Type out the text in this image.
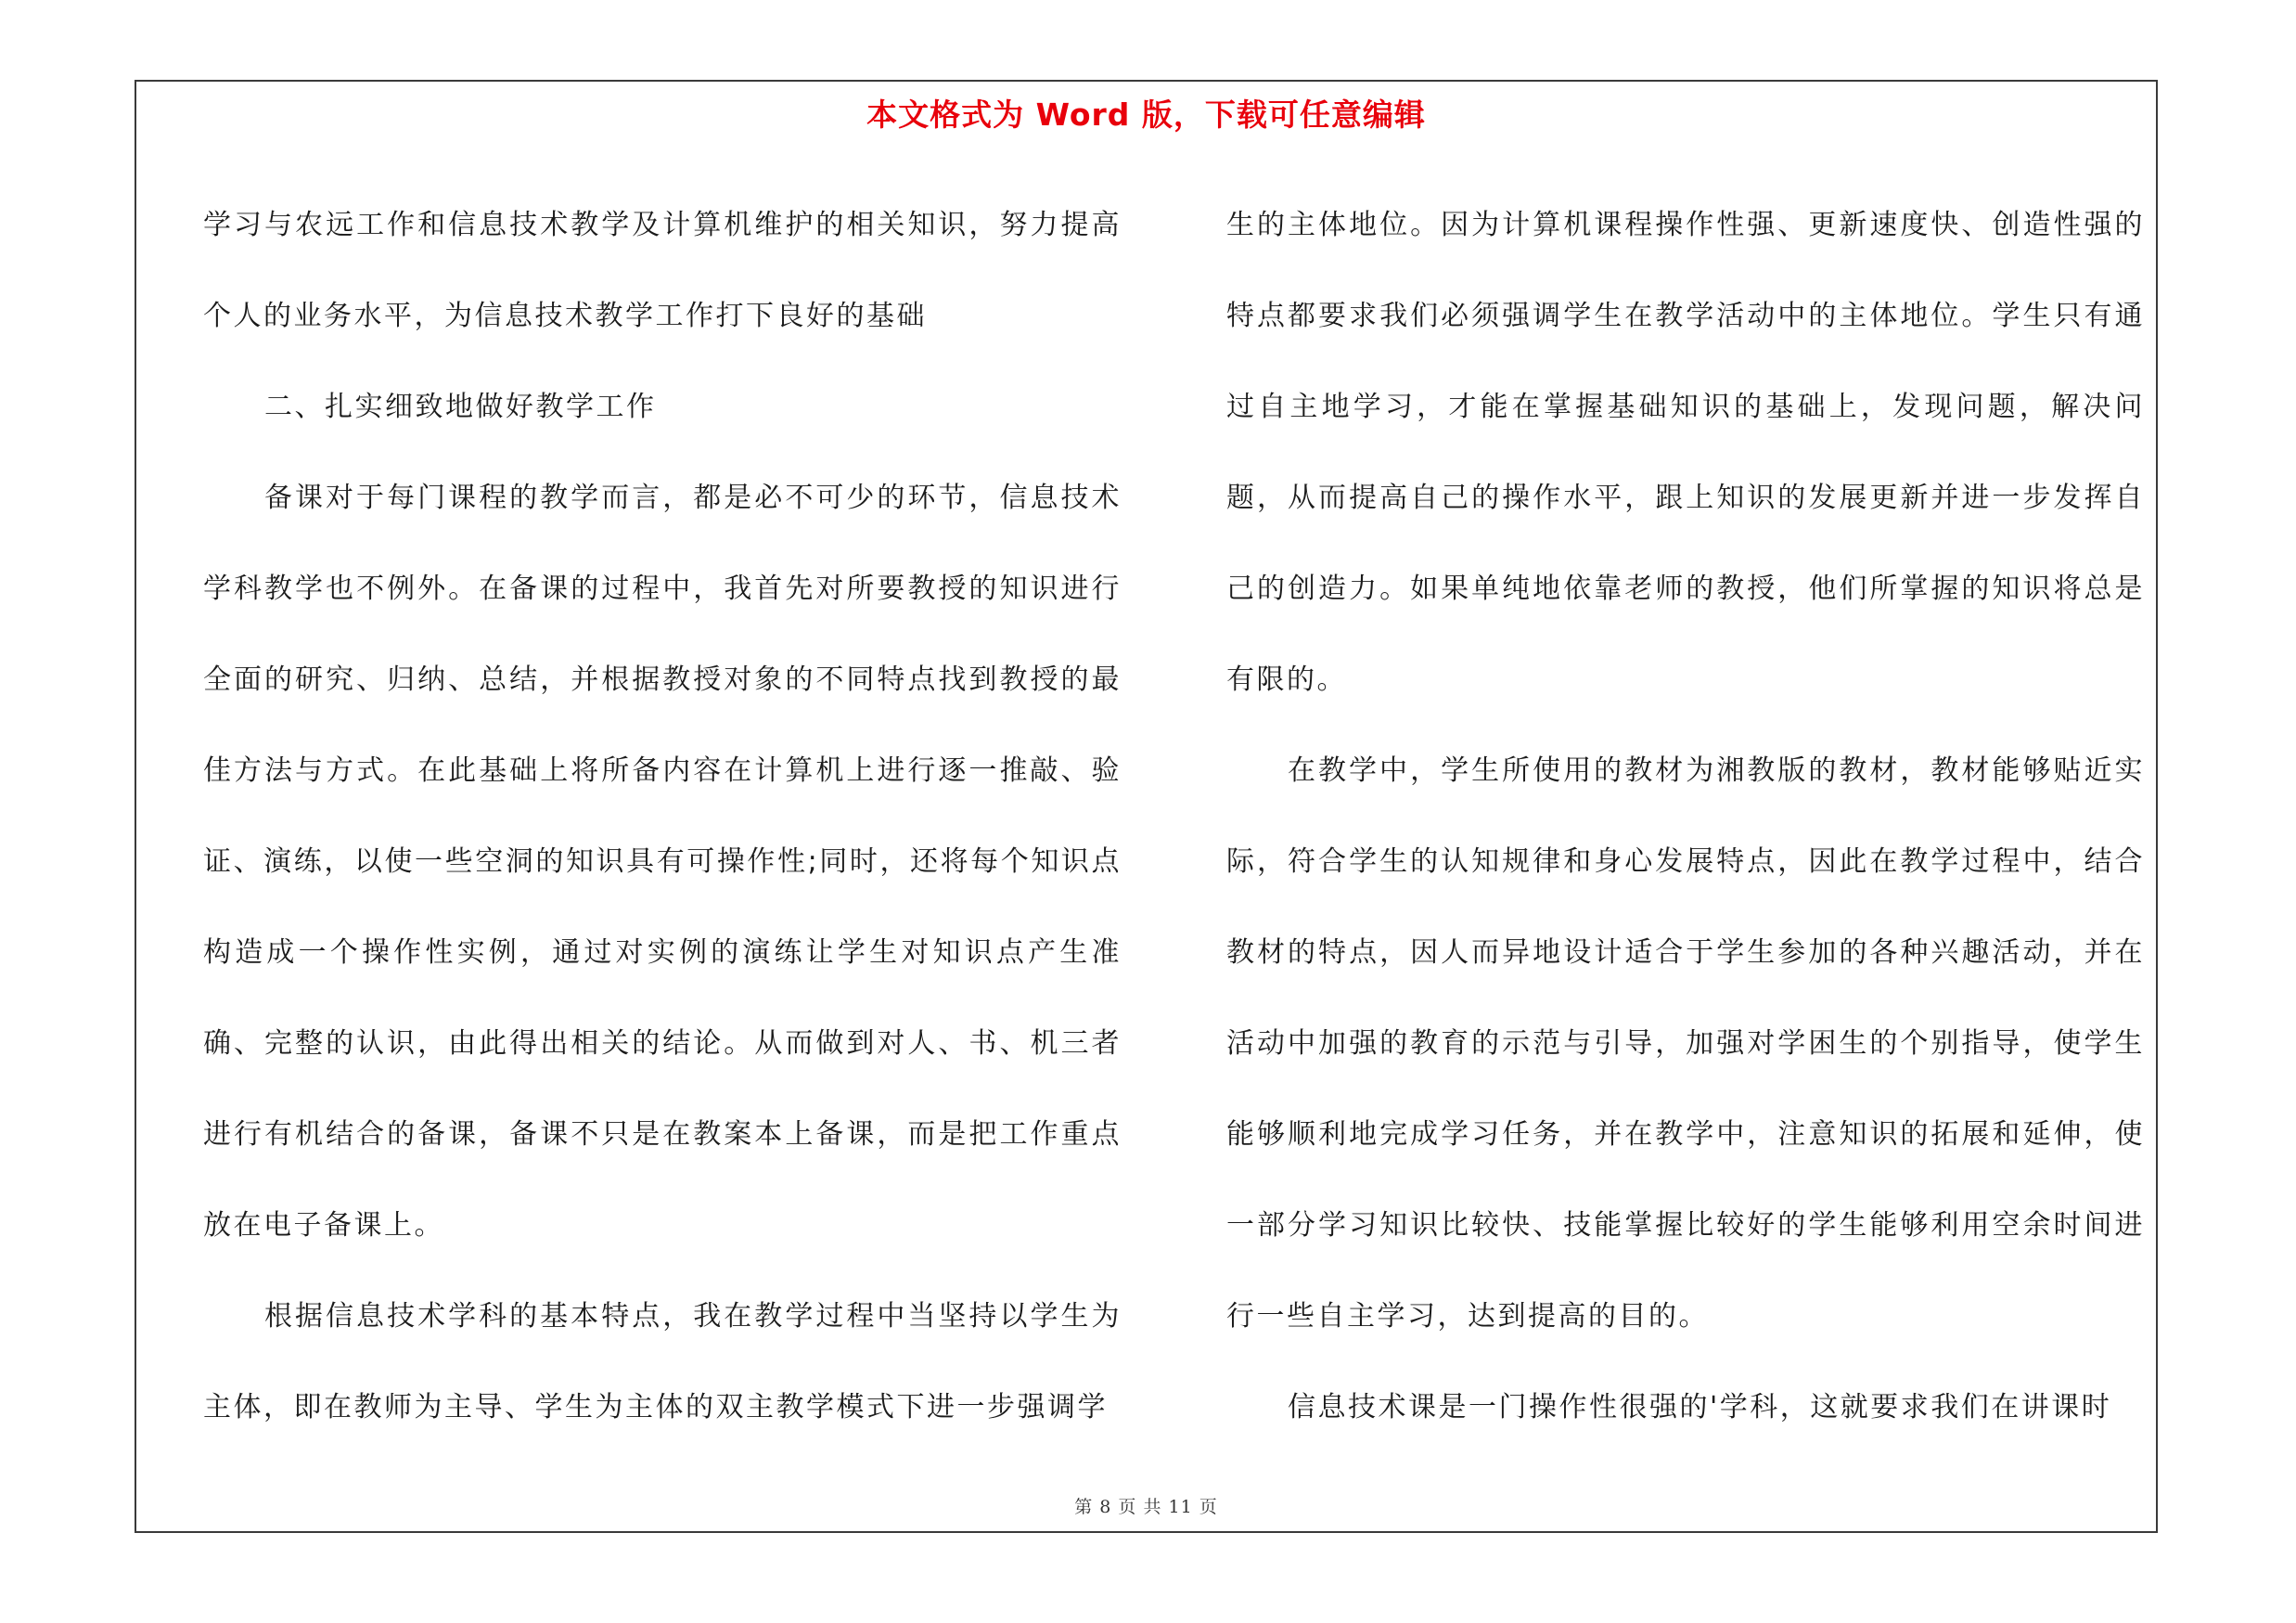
本文格式为 Word 版，下载可任意编辑

学习与农远工作和信息技术教学及计算机维护的相关知识，努力提高个人的业务水平，为信息技术教学工作打下良好的基础

二、扎实细致地做好教学工作

备课对于每门课程的教学而言，都是必不可少的环节，信息技术学科教学也不例外。在备课的过程中，我首先对所要教授的知识进行全面的研究、归纳、总结，并根据教授对象的不同特点找到教授的最佳方法与方式。在此基础上将所备内容在计算机上进行逐一推敲、验证、演练，以使一些空洞的知识具有可操作性;同时，还将每个知识点构造成一个操作性实例，通过对实例的演练让学生对知识点产生准确、完整的认识，由此得出相关的结论。从而做到对人、书、机三者进行有机结合的备课，备课不只是在教案本上备课，而是把工作重点放在电子备课上。

根据信息技术学科的基本特点，我在教学过程中当坚持以学生为主体，即在教师为主导、学生为主体的双主教学模式下进一步强调学

生的主体地位。因为计算机课程操作性强、更新速度快、创造性强的特点都要求我们必须强调学生在教学活动中的主体地位。学生只有通过自主地学习，才能在掌握基础知识的基础上，发现问题，解决问题，从而提高自己的操作水平，跟上知识的发展更新并进一步发挥自己的创造力。如果单纯地依靠老师的教授，他们所掌握的知识将总是有限的。

在教学中，学生所使用的教材为湘教版的教材，教材能够贴近实际，符合学生的认知规律和身心发展特点，因此在教学过程中，结合教材的特点，因人而异地设计适合于学生参加的各种兴趣活动，并在活动中加强的教育的示范与引导，加强对学困生的个别指导，使学生能够顺利地完成学习任务，并在教学中，注意知识的拓展和延伸，使一部分学习知识比较快、技能掌握比较好的学生能够利用空余时间进行一些自主学习，达到提高的目的。

信息技术课是一门操作性很强的'学科，这就要求我们在讲课时

第 8 页 共 11 页
